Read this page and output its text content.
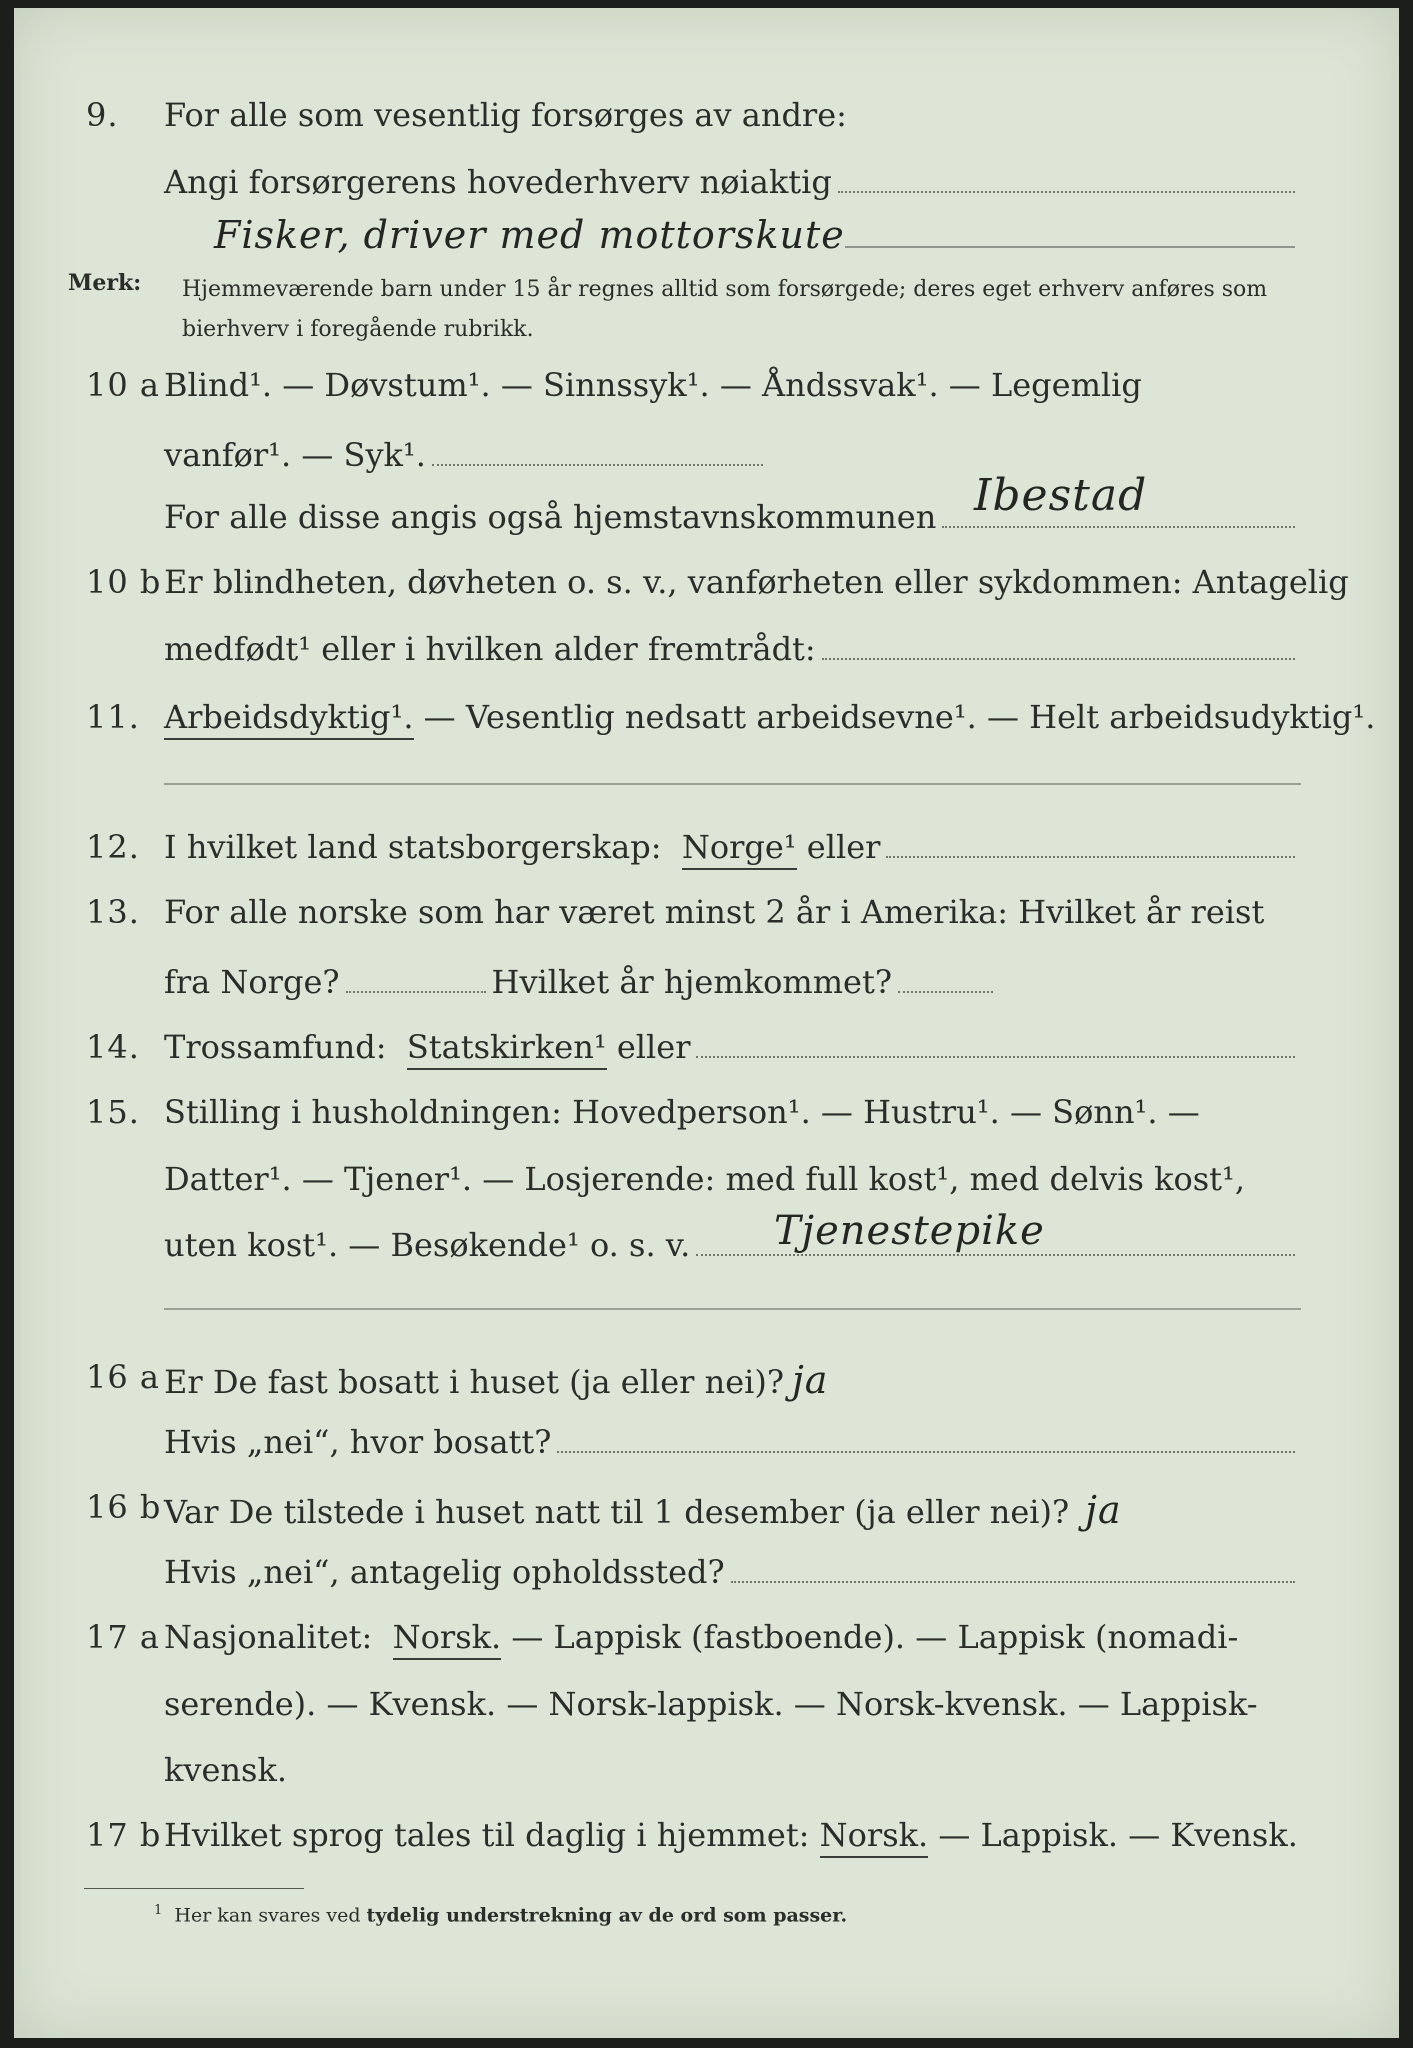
9. For alle som vesentlig forsørges av andre:
Angi forsørgerens hovederhverv nøiaktig
Fisker, driver med mottorskute
Merk: Hjemmeværende barn under 15 år regnes alltid som forsørgede; deres eget erhverv anføres som bierhverv i foregående rubrikk.
10 a Blind¹. — Døvstum¹. — Sinnssyk¹. — Åndssvak¹. — Legemlig
vanfør¹. — Syk¹.
For alle disse angis også hjemstavnskommunen Ibestad
10 b Er blindheten, døvheten o. s. v., vanførheten eller sykdommen: Antagelig
medfødt¹ eller i hvilken alder fremtrådt:
11. Arbeidsdyktig¹.
— Vesentlig nedsatt arbeidsevne¹. — Helt arbeidsudyktig¹.
12. I hvilket land statsborgerskap:
Norge¹
eller
13. For alle norske som har været minst 2 år i Amerika: Hvilket år reist
fra Norge?	Hvilket år hjemkommet?
14. Trossamfund:
Statskirken¹
eller
15. Stilling i husholdningen: Hovedperson¹. — Hustru¹. — Sønn¹. —
Datter¹. — Tjener¹. — Losjerende: med full kost¹, med delvis kost¹,
uten kost¹. — Besøkende¹ o. s. v. Tjenestepike
16 a Er De fast bosatt i huset (ja eller nei)? ja
Hvis „nei“, hvor bosatt?
16 b Var De tilstede i huset natt til 1 desember (ja eller nei)? ja
Hvis „nei“, antagelig opholdssted?
17 a Nasjonalitet:
Norsk.
— Lappisk (fastboende). — Lappisk (nomadi-
serende). — Kvensk. — Norsk-lappisk. — Norsk-kvensk. — Lappisk-
kvensk.
17 b Hvilket sprog tales til daglig i hjemmet:
Norsk.
— Lappisk. — Kvensk.
$^1$ Her kan svares ved tydelig understrekning av de ord som passer.
